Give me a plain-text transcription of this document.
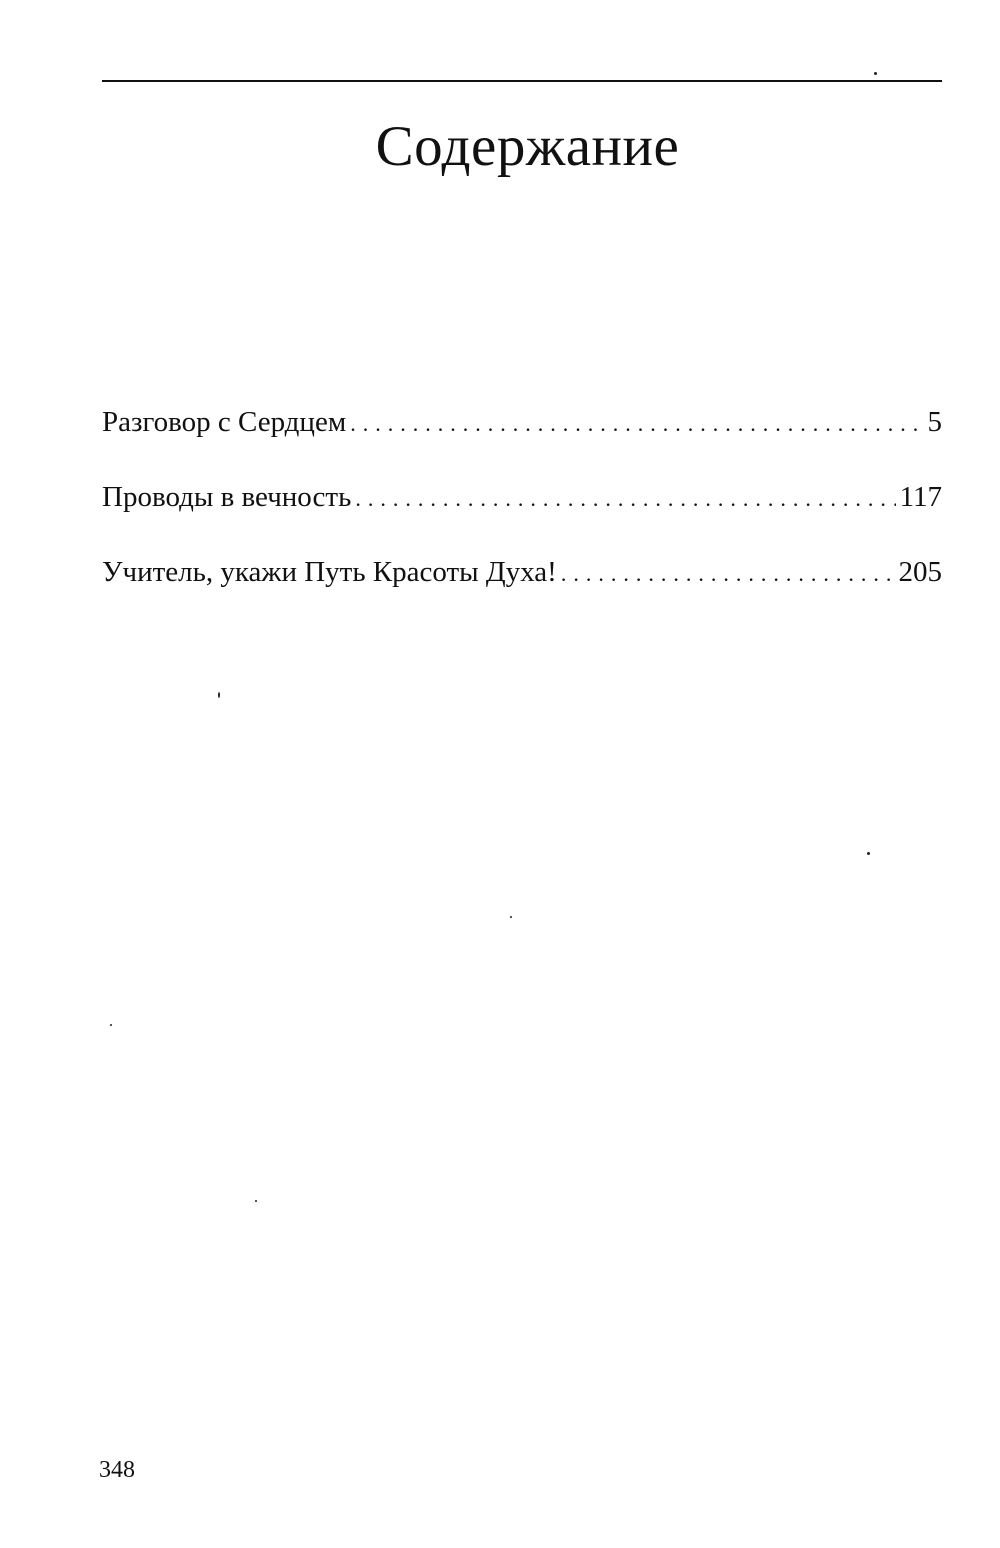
Содержание
Разговор с Сердцем . . .	5
Проводы в вечность . . .	117
Учитель, укажи Путь Красоты Духа! . . .	205
348
